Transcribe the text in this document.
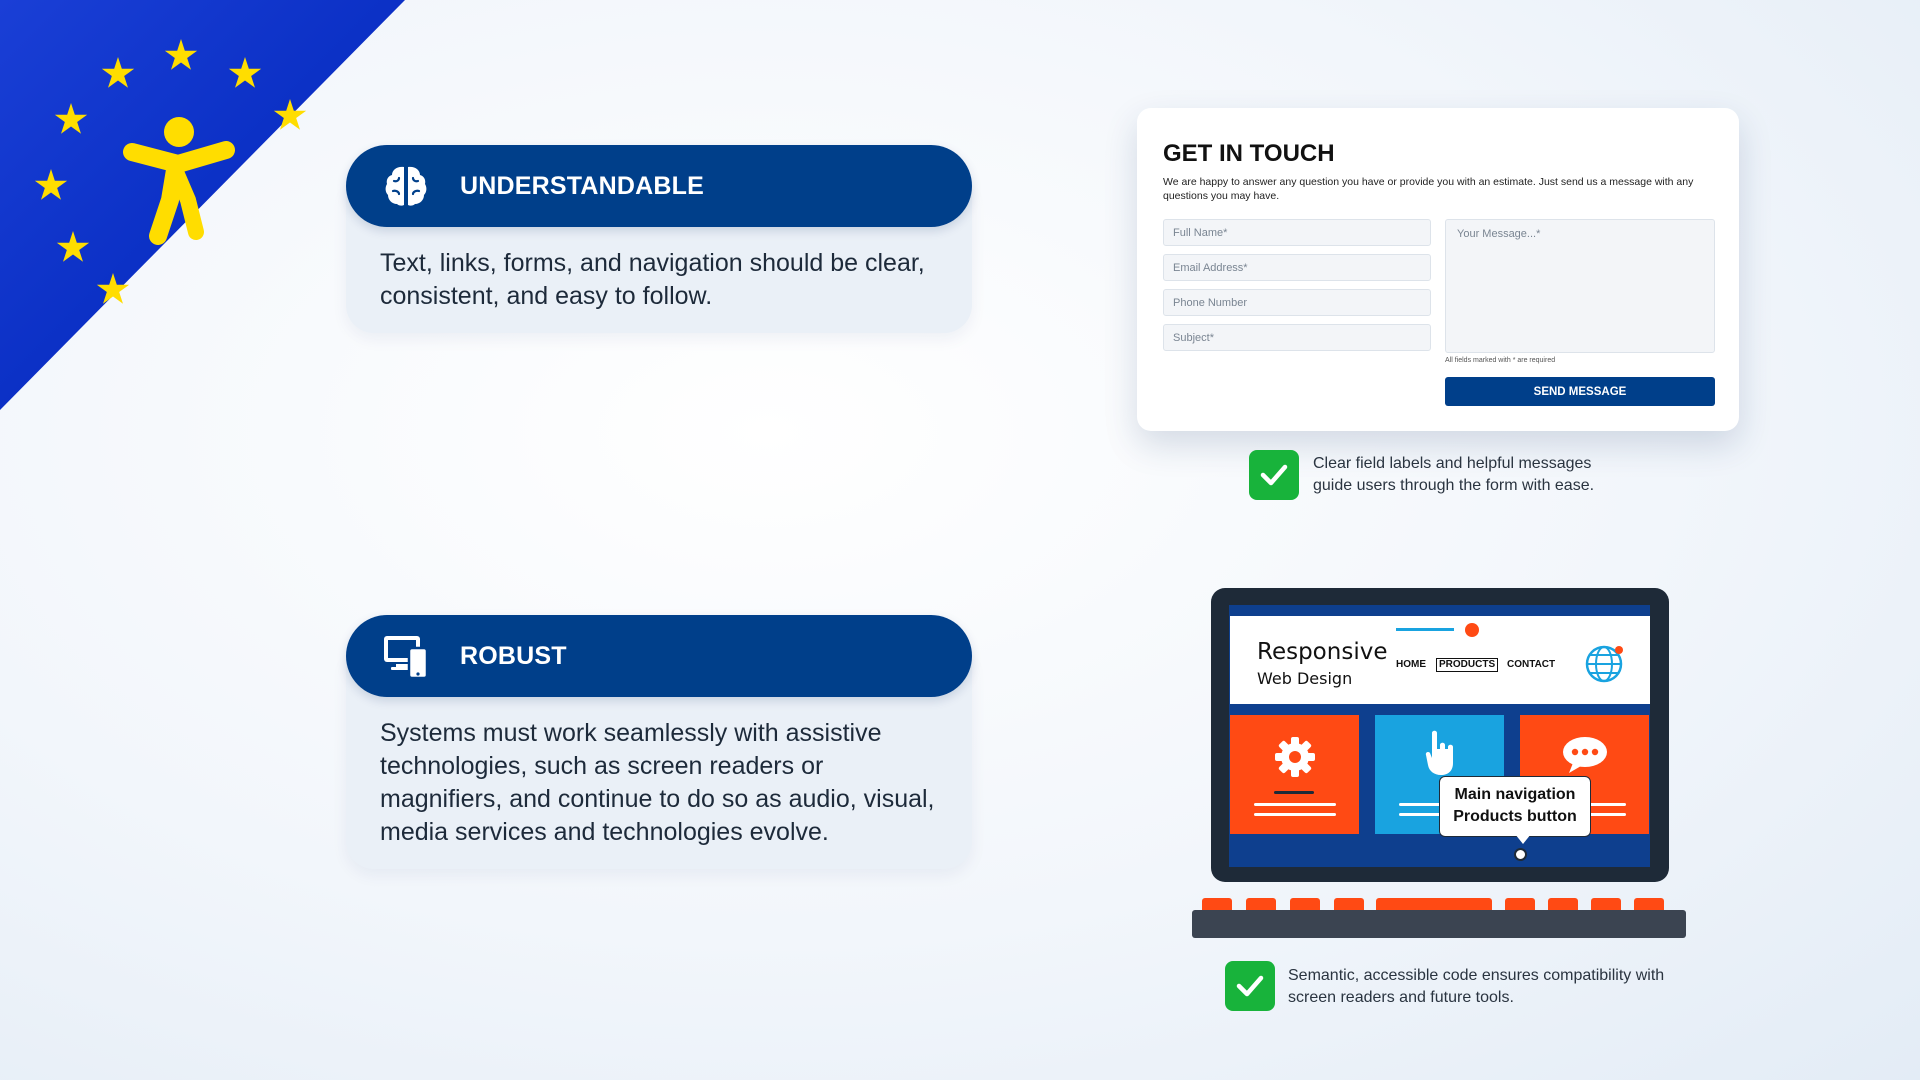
UNDERSTANDABLE
Text, links, forms, and navigation should be clear, consistent, and easy to follow.
ROBUST
Systems must work seamlessly with assistive technologies, such as screen readers or magnifiers, and continue to do so as audio, visual, media services and technologies evolve.
GET IN TOUCH
We are happy to answer any question you have or provide you with an estimate. Just send us a message with any questions you may have.
Full Name*
Email Address*
Phone Number
Subject*
Your Message...*
All fields marked with * are required
SEND MESSAGE
Clear field labels and helpful messages guide users through the form with ease.
Responsive
Web Design
HOME	PRODUCTS	CONTACT
Main navigation
Products button
Semantic, accessible code ensures compatibility with screen readers and future tools.
